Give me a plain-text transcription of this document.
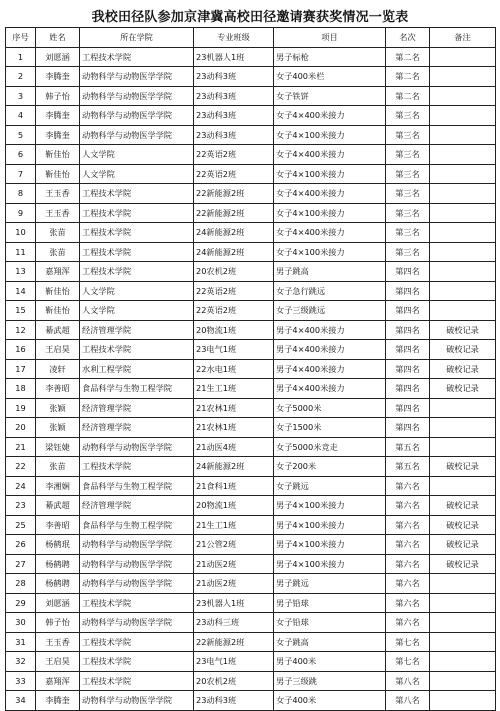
我校田径队参加京津冀高校田径邀请赛获奖情况一览表
序号	姓名	所在学院	专业班级	项目	名次	备注
1	刘愿涵	工程技术学院	23机器人1班	男子标枪	第二名	
2	李腾奎	动物科学与动物医学学院	23动科3班	女子400米栏	第二名	
3	韩子怡	动物科学与动物医学学院	23动科3班	女子铁饼	第二名	
4	李腾奎	动物科学与动物医学学院	23动科3班	女子4×400米接力	第三名	
5	李腾奎	动物科学与动物医学学院	23动科3班	女子4×100米接力	第三名	
6	靳佳怡	人文学院	22英语2班	女子4×400米接力	第三名	
7	靳佳怡	人文学院	22英语2班	女子4×100米接力	第三名	
8	王玉香	工程技术学院	22新能源2班	女子4×400米接力	第三名	
9	王玉香	工程技术学院	22新能源2班	女子4×100米接力	第三名	
10	张苗	工程技术学院	24新能源2班	女子4×400米接力	第三名	
11	张苗	工程技术学院	24新能源2班	女子4×100米接力	第三名	
13	嘉翔浑	工程技术学院	20农机2班	男子跳高	第四名	
14	靳佳怡	人文学院	22英语2班	女子急行跳远	第四名	
15	靳佳怡	人文学院	22英语2班	女子三级跳远	第四名	
12	綦武超	经济管理学院	20物流1班	男子4×400米接力	第四名	破校记录
16	王启昊	工程技术学院	23电气1班	男子4×400米接力	第四名	破校记录
17	凌轩	水利工程学院	22水电1班	男子4×400米接力	第四名	破校记录
18	李善昭	食品科学与生物工程学院	21生工1班	男子4×400米接力	第四名	破校记录
19	张颖	经济管理学院	21农林1班	女子5000米	第四名	
20	张颖	经济管理学院	21农林1班	女子1500米	第四名	
21	梁钰婕	动物科学与动物医学学院	21动医4班	女子5000米竞走	第五名	
22	张苗	工程技术学院	24新能源2班	女子200米	第五名	破校记录
24	李湘娴	食品科学与生物工程学院	21食科1班	女子跳远	第六名	
23	綦武超	经济管理学院	20物流1班	男子4×100米接力	第六名	破校记录
25	李善昭	食品科学与生物工程学院	21生工1班	男子4×100米接力	第六名	破校记录
26	杨鹤珉	动物科学与动物医学学院	21公管2班	男子4×100米接力	第六名	破校记录
27	杨鹤聘	动物科学与动物医学学院	21动医2班	男子4×100米接力	第六名	破校记录
28	杨鹤聘	动物科学与动物医学学院	21动医2班	男子跳远	第六名	
29	刘愿涵	工程技术学院	23机器人1班	男子铅球	第六名	
30	韩子怡	动物科学与动物医学学院	23动科三班	女子铅球	第六名	
31	王玉香	工程技术学院	22新能源2班	女子跳高	第七名	
32	王启昊	工程技术学院	23电气1班	男子400米	第七名	
33	嘉翔浑	工程技术学院	20农机2班	男子三级跳	第八名	
34	李腾奎	动物科学与动物医学学院	23动科3班	女子400米	第八名	
